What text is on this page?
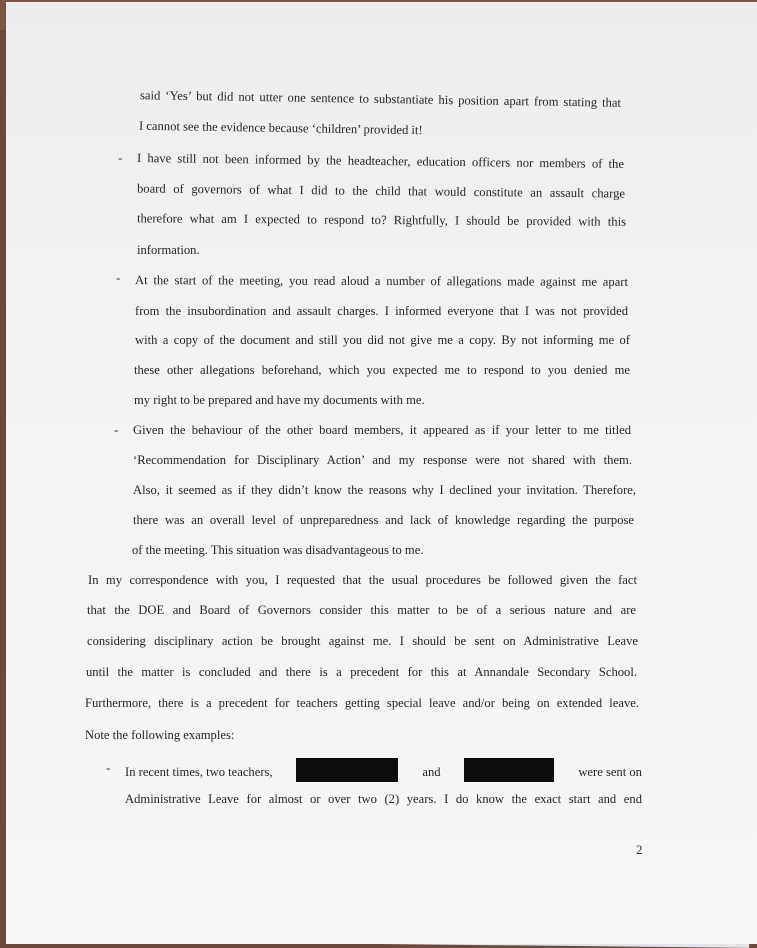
said ‘Yes’ but did not utter one sentence to substantiate his position apart from stating that
I cannot see the evidence because ‘children’ provided it!
- I have still not been informed by the headteacher, education officers nor members of the
board of governors of what I did to the child that would constitute an assault charge
therefore what am I expected to respond to? Rightfully, I should be provided with this
information.
- At the start of the meeting, you read aloud a number of allegations made against me apart
from the insubordination and assault charges. I informed everyone that I was not provided
with a copy of the document and still you did not give me a copy. By not informing me of
these other allegations beforehand, which you expected me to respond to you denied me
my right to be prepared and have my documents with me.
- Given the behaviour of the other board members, it appeared as if your letter to me titled
‘Recommendation for Disciplinary Action’ and my response were not shared with them.
Also, it seemed as if they didn’t know the reasons why I declined your invitation. Therefore,
there was an overall level of unpreparedness and lack of knowledge regarding the purpose
of the meeting. This situation was disadvantageous to me.
In my correspondence with you, I requested that the usual procedures be followed given the fact
that the DOE and Board of Governors consider this matter to be of a serious nature and are
considering disciplinary action be brought against me. I should be sent on Administrative Leave
until the matter is concluded and there is a precedent for this at Annandale Secondary School.
Furthermore, there is a precedent for teachers getting special leave and/or being on extended leave.
Note the following examples:
- In recent times, two teachers,	and	were sent on
Administrative Leave for almost or over two (2) years. I do know the exact start and end
2
